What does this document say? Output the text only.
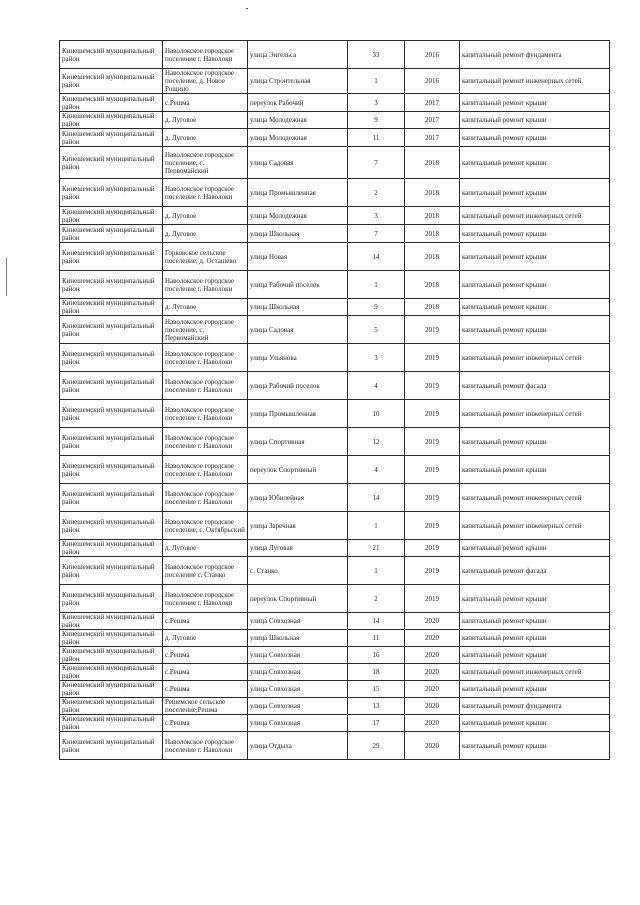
Кинешемский муниципальный район	Наволокское городское поселение г. Наволоки	улица Энгельса	33	2016	капитальный ремонт фундамента
Кинешемский муниципальный район	Наволокское городское поселение, д. Новое Рощино	улица Строительная	1	2016	капитальный ремонт инженерных сетей
Кинешемский муниципальный район	с.Решма	переулок Рабочий	3	2017	капитальный ремонт крыши
Кинешемский муниципальный район	д. Луговое	улица Молодежная	9	2017	капитальный ремонт крыши
Кинешемский муниципальный район	д. Луговое	улица Молодежная	11	2017	капитальный ремонт крыши
Кинешемский муниципальный район	Наволокское городское поселение, с. Первомайский	улица Садовая	7	2018	капитальный ремонт крыши
Кинешемский муниципальный район	Наволокское городское поселение г. Наволоки	улица Промышленная	2	2018	капитальный ремонт крыши
Кинешемский муниципальный район	д. Луговое	улица Молодежная	3	2018	капитальный ремонт инженерных сетей
Кинешемский муниципальный район	д. Луговое	улица Школьная	7	2018	капитальный ремонт крыши
Кинешемский муниципальный район	Горковское сельское поселение, д. Осташево	улица Новая	14	2018	капитальный ремонт крыши
Кинешемский муниципальный район	Наволокское городское поселение г. Наволоки	улица Рабочий поселок	1	2018	капитальный ремонт крыши
Кинешемский муниципальный район	д. Луговое	улица Школьная	9	2018	капитальный ремонт крыши
Кинешемский муниципальный район	Наволокское городское поселение, с. Первомайский	улица Садовая	5	2019	капитальный ремонт крыши
Кинешемский муниципальный район	Наволокское городское поселение г. Наволоки	улица Ульянова	3	2019	капитальный ремонт инженерных сетей
Кинешемский муниципальный район	Наволокское городское поселение г. Наволоки	улица Рабочий поселок	4	2019	капитальный ремонт фасада
Кинешемский муниципальный район	Наволокское городское поселение г. Наволоки	улица Промышленная	10	2019	капитальный ремонт инженерных сетей
Кинешемский муниципальный район	Наволокское городское поселение г. Наволоки	улица Спортивная	12	2019	капитальный ремонт крыши
Кинешемский муниципальный район	Наволокское городское поселение г. Наволоки	переулок Спортивный	4	2019	капитальный ремонт крыши
Кинешемский муниципальный район	Наволокское городское поселение г. Наволоки	улица Юбилейная	14	2019	капитальный ремонт инженерных сетей
Кинешемский муниципальный район	Наволокское городское поселение, с. Октябрьский	улица Заречная	1	2019	капитальный ремонт инженерных сетей
Кинешемский муниципальный район	д. Луговое	улица Луговая	21	2019	капитальный ремонт крыши
Кинешемский муниципальный район	Наволокское городское поселение с. Станко	с. Станко	1	2019	капитальный ремонт фасада
Кинешемский муниципальный район	Наволокское городское поселение г. Наволоки	переулок Спортивный	2	2019	капитальный ремонт крыши
Кинешемский муниципальный район	с.Решма	улица Совхозная	14	2020	капитальный ремонт крыши
Кинешемский муниципальный район	д. Луговое	улица Школьная	11	2020	капитальный ремонт крыши
Кинешемский муниципальный район	с.Решма	улица Совхозная	16	2020	капитальный ремонт крыши
Кинешемский муниципальный район	с.Решма	улица Совхозная	18	2020	капитальный ремонт инженерных сетей
Кинешемский муниципальный район	с.Решма	улица Совхозная	15	2020	капитальный ремонт крыши
Кинешемский муниципальный район	Решемское сельское поселение,Решма	улица Совхозная	13	2020	капитальный ремонт фундамента
Кинешемский муниципальный район	с.Решма	улица Совхозная	17	2020	капитальный ремонт крыши
Кинешемский муниципальный район	Наволокское городское поселение г. Наволоки	улица Отдыха	29	2020	капитальный ремонт крыши
